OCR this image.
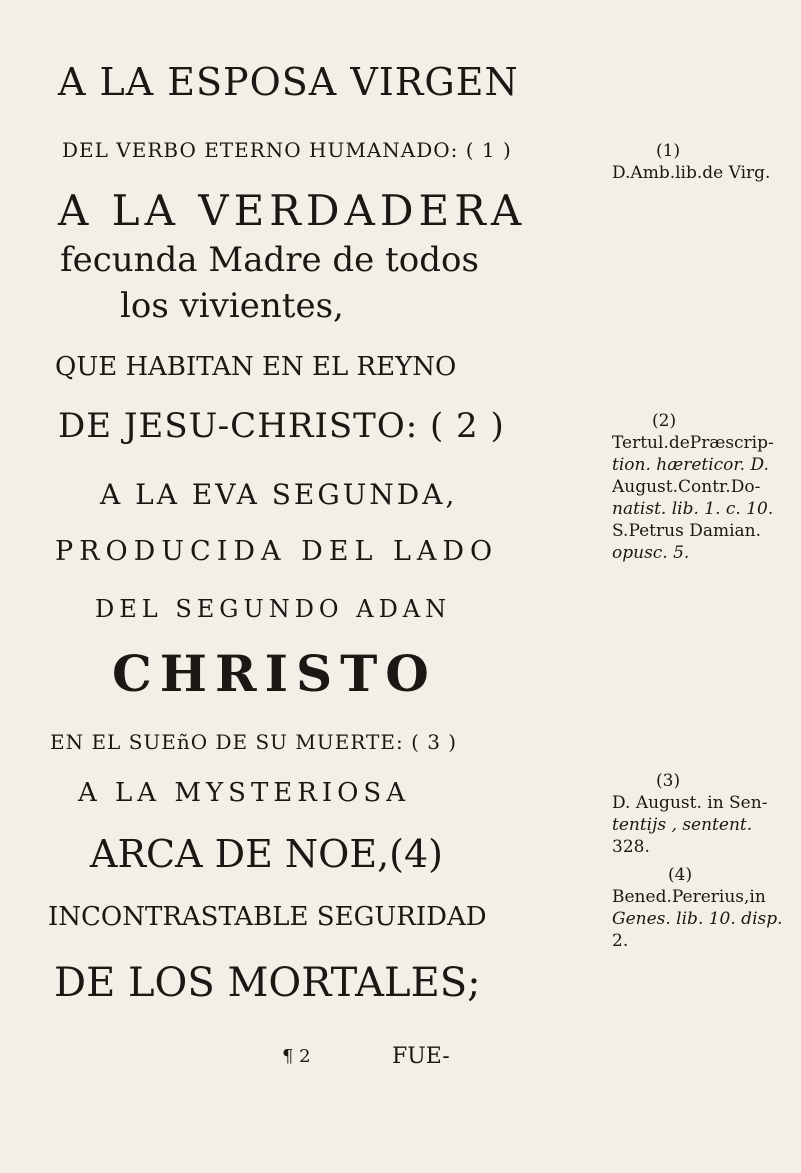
A LA ESPOSA VIRGEN
DEL VERBO ETERNO HUMANADO: ( 1 )
A LA VERDADERA
fecunda Madre de todos
los vivientes,
QUE HABITAN EN EL REYNO
DE JESU-CHRISTO: ( 2 )
A LA EVA SEGUNDA,
PRODUCIDA DEL LADO
DEL SEGUNDO ADAN
CHRISTO
EN EL SUEñO DE SU MUERTE: ( 3 )
A LA MYSTERIOSA
ARCA DE NOE,(4)
INCONTRASTABLE SEGURIDAD
DE LOS MORTALES;
¶ 2	FUE-
(1)
D.Amb.lib.de Virg.
(2)
Tertul.dePræscrip-
tion. hæreticor. D.
August.Contr.Do-
natist. lib. 1. c. 10.
S.Petrus Damian.
opusc. 5.
(3)
D. August. in Sen-
tentijs , sentent.
328.
(4)
Bened.Pererius,in
Genes. lib. 10. disp.
2.
